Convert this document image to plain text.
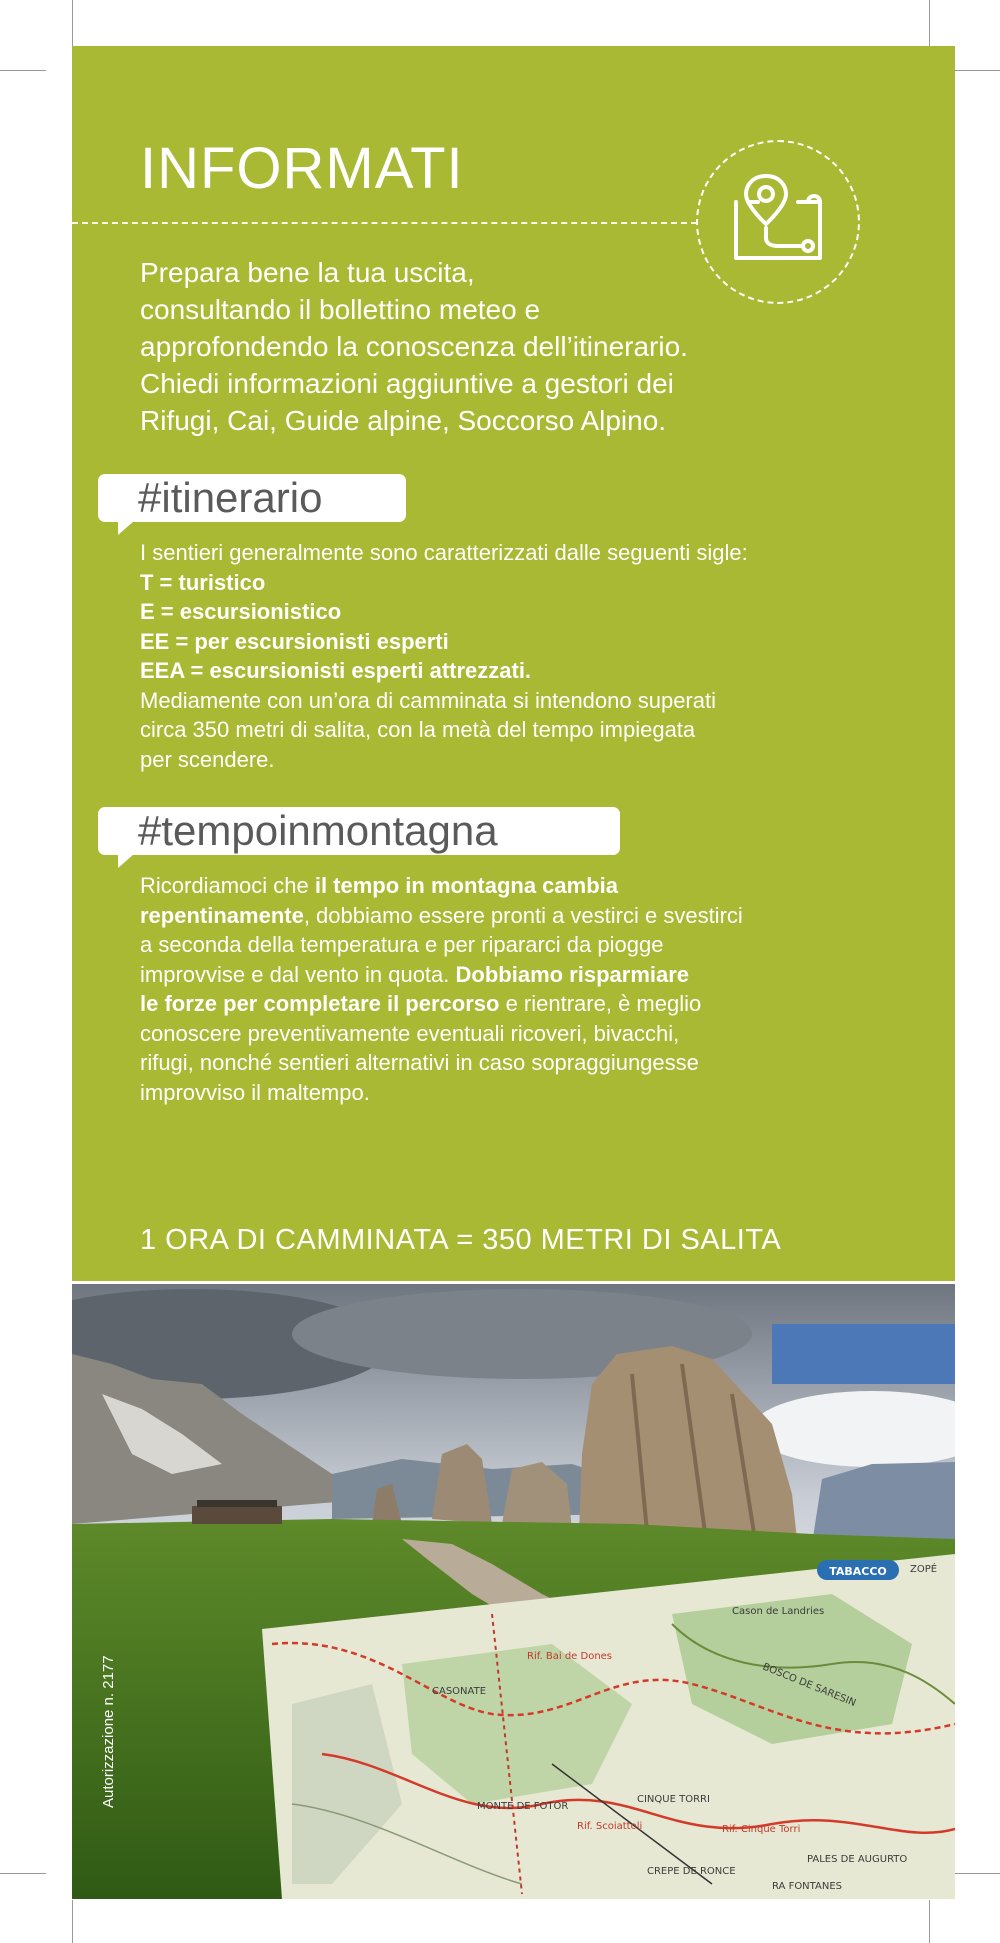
INFORMATI
Prepara bene la tua uscita,
consultando il bollettino meteo e
approfondendo la conoscenza dell’itinerario.
Chiedi informazioni aggiuntive a gestori dei
Rifugi, Cai, Guide alpine, Soccorso Alpino.
#itinerario

I sentieri generalmente sono caratterizzati dalle seguenti sigle:

T = turistico

E = escursionistico

EE = per escursionisti esperti

EEA = escursionisti esperti attrezzati.

Mediamente con un’ora di camminata si intendono superati

circa 350 metri di salita, con la metà del tempo impiegata

per scendere.

#tempoinmontagna

Ricordiamoci che il tempo in montagna cambia

repentinamente, dobbiamo essere pronti a vestirci e svestirci

a seconda della temperatura e per ripararci da piogge

improvvise e dal vento in quota. Dobbiamo risparmiare

le forze per completare il percorso e rientrare, è meglio

conoscere preventivamente eventuali ricoveri, bivacchi,

rifugi, nonché sentieri alternativi in caso sopraggiungesse

improvviso il maltempo.

1 ORA DI CAMMINATA = 350 METRI DI SALITA
TABACCO
Cason de Landries
BOSCO DE SARESIN
CASONATE
MONTE DE FOTOR
CINQUE TORRI
PALES DE AUGURTO
RA FONTANES
ZOPÉ
Rif. Scoiattoli	Rif. Cinque Torri
CREPE DE RONCE
Rif. Bai de Dones
Autorizzazione n. 2177
